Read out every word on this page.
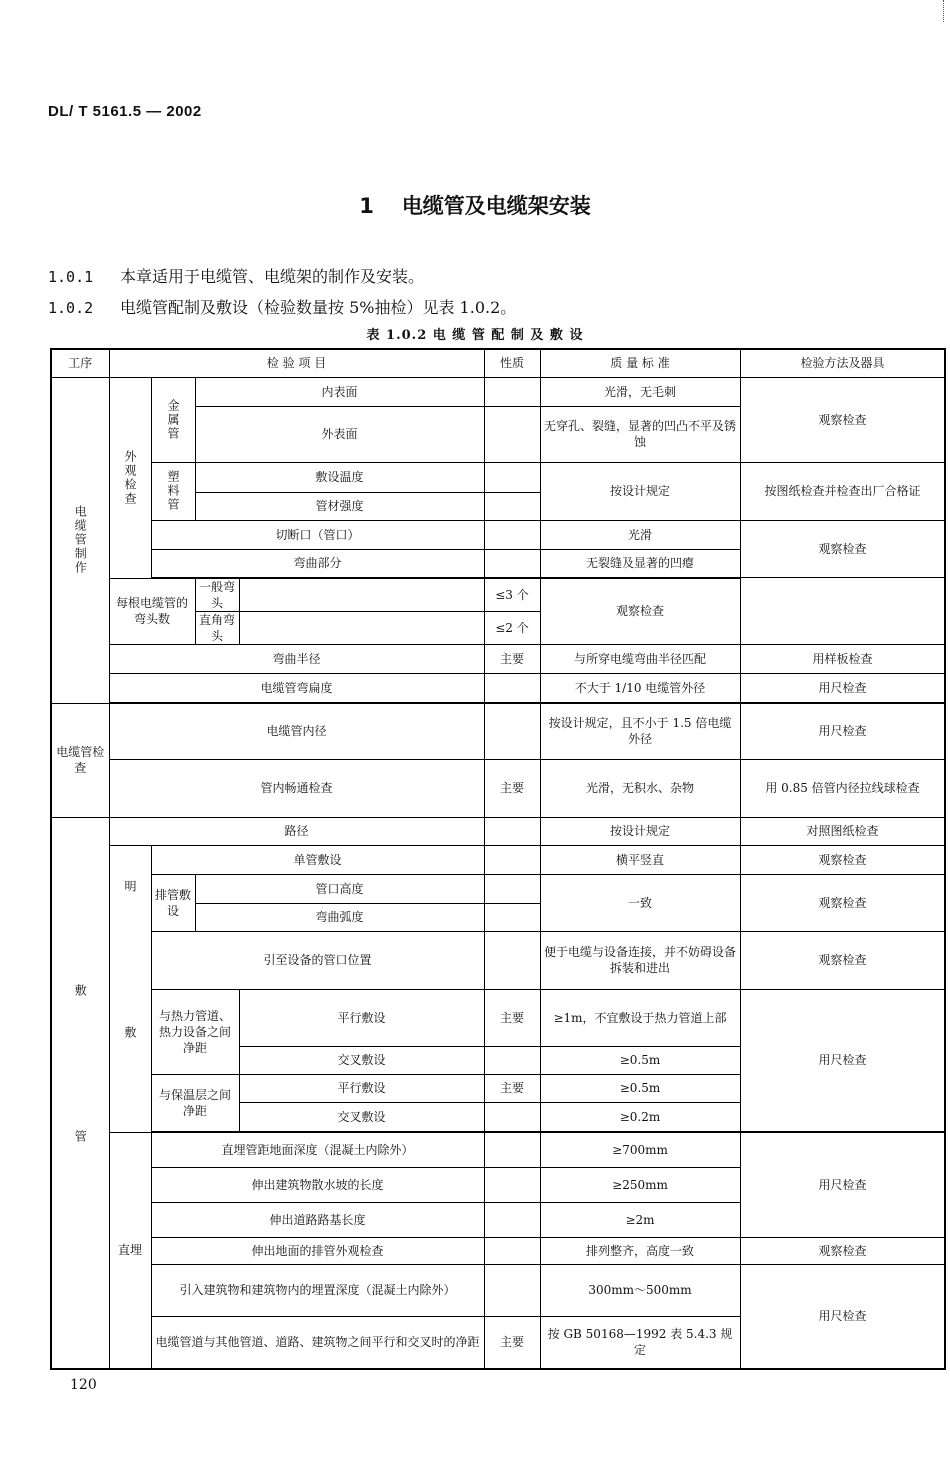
DL/ T 5161.5 — 2002
1 电缆管及电缆架安装
1.0.1 本章适用于电缆管、电缆架的制作及安装。
1.0.2 电缆管配制及敷设（检验数量按 5%抽检）见表 1.0.2。
表 1.0.2 电 缆 管 配 制 及 敷 设
工序	检 验 项 目				性质	质 量 标 准	检验方法及器具

电缆管制作	外观检查	金属管	内表面			光滑，无毛刺	观察检查
			外表面			无穿孔、裂缝，显著的凹凸不平及锈蚀	

		塑料管	敷设温度			按设计规定	按图纸检查并检查出厂合格证
			管材强度				
		切断口（管口）				光滑	观察检查
		弯曲部分				无裂缝及显著的凹瘪	

	每根电缆管的弯头数		一般弯头		≤3 个	观察检查	
			直角弯头		≤2 个		
	弯曲半径				主要	与所穿电缆弯曲半径匹配	用样板检查
	电缆管弯扁度					不大于 1/10 电缆管外径	用尺检查

电缆管检查	电缆管内径					按设计规定，且不小于 1.5 倍电缆外径	用尺检查
	管内畅通检查				主要	光滑，无积水、杂物	用 0.85 倍管内径拉线球检查

敷 管	路径					按设计规定	对照图纸检查

	明 敷	单管敷设				横平竖直	观察检查
		排管敷设	管口高度			一致	观察检查
			弯曲弧度				
		引至设备的管口位置				便于电缆与设备连接，并不妨碍设备拆装和进出	观察检查
		与热力管道、热力设备之间净距		平行敷设	主要	≥1m，不宜敷设于热力管道上部	用尺检查
				交叉敷设		≥0.5m	
		与保温层之间净距		平行敷设	主要	≥0.5m	
				交叉敷设		≥0.2m	

	直埋	直埋管距地面深度（混凝土内除外）				≥700mm	用尺检查
		伸出建筑物散水坡的长度				≥250mm	
		伸出道路路基长度				≥2m	
		伸出地面的排管外观检查				排列整齐，高度一致	观察检查
		引入建筑物和建筑物内的埋置深度（混凝土内除外）				300mm～500mm	用尺检查
		电缆管道与其他管道、道路、建筑物之间平行和交叉时的净距			主要	按 GB 50168—1992 表 5.4.3 规定	
120
